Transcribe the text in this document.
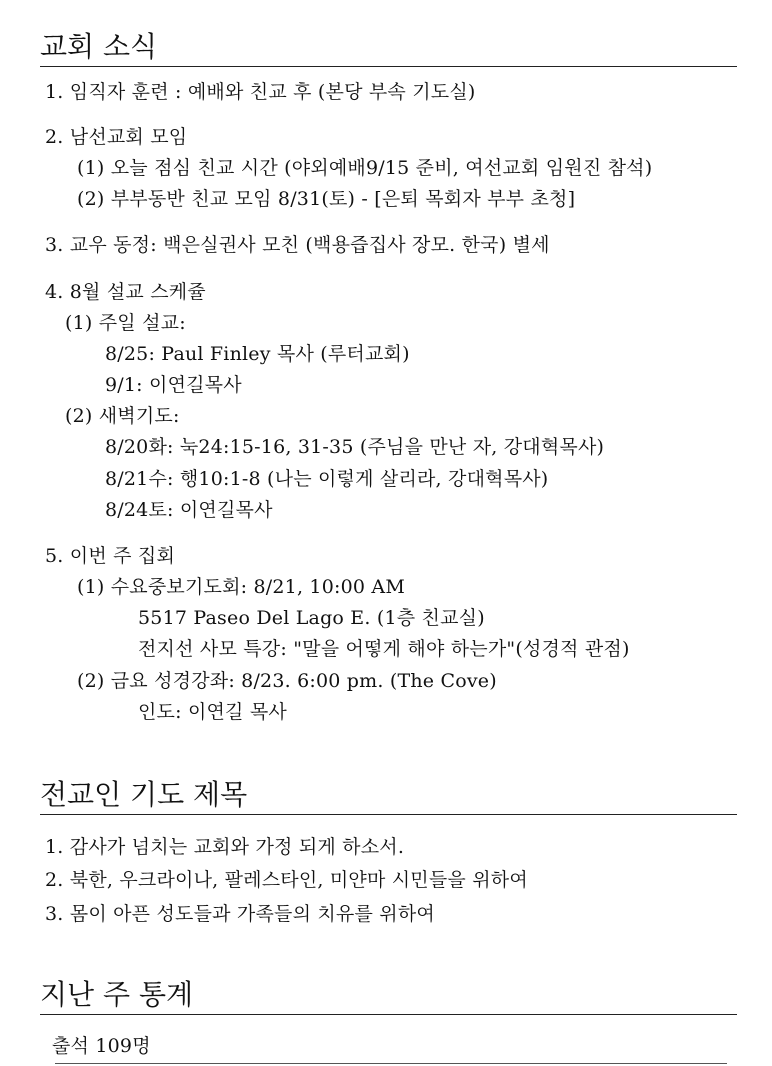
교회 소식
1. 임직자 훈련 : 예배와 친교 후 (본당 부속 기도실)
2. 남선교회 모임
(1) 오늘 점심 친교 시간 (야외예배9/15 준비, 여선교회 임원진 참석)
(2) 부부동반 친교 모임 8/31(토) - [은퇴 목회자 부부 초청]
3. 교우 동정: 백은실권사 모친 (백용즙집사 장모. 한국) 별세
4. 8월 설교 스케쥴
(1) 주일 설교:
8/25: Paul Finley 목사 (루터교회)
9/1: 이연길목사
(2) 새벽기도:
8/20화: 눅24:15-16, 31-35 (주님을 만난 자, 강대혁목사)
8/21수: 행10:1-8 (나는 이렇게 살리라, 강대혁목사)
8/24토: 이연길목사
5. 이번 주 집회
(1) 수요중보기도회: 8/21, 10:00 AM
5517 Paseo Del Lago E. (1층 친교실)
전지선 사모 특강: "말을 어떻게 해야 하는가"(성경적 관점)
(2) 금요 성경강좌: 8/23. 6:00 pm. (The Cove)
인도: 이연길 목사
전교인 기도 제목
1. 감사가 넘치는 교회와 가정 되게 하소서.
2. 북한, 우크라이나, 팔레스타인, 미얀마 시민들을 위하여
3. 몸이 아픈 성도들과 가족들의 치유를 위하여
지난 주 통계
출석 109명
